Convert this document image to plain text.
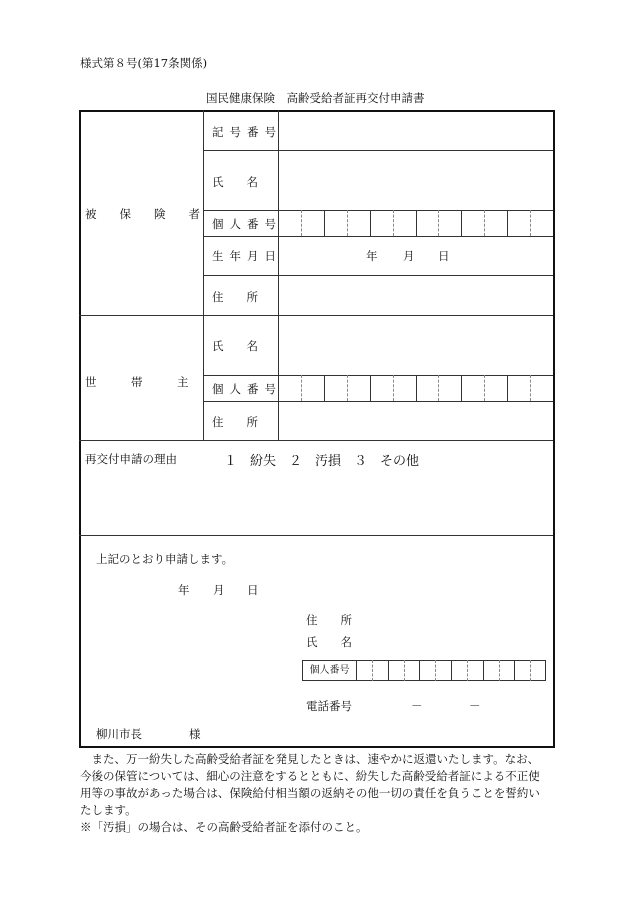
様式第８号(第17条関係)
国民健康保険　高齢受給者証再交付申請書
被　　保　　険　　者
記号番号
氏　　名
個人番号
生年月日	年 月 日
住　　所
世　　　帯　　　主
氏　　名
個人番号
住　　所
再交付申請の理由	１　紛失　２　汚損　３　その他
上記のとおり申請します。
年 月 日
住　　所
氏　　名
個人番号
電話番号	－	－
柳川市長	様
　また、万一紛失した高齢受給者証を発見したときは、速やかに返還いたします。なお、
今後の保管については、細心の注意をするとともに、紛失した高齢受給者証による不正使
用等の事故があった場合は、保険給付相当額の返納その他一切の責任を負うことを誓約い
たします。
※「汚損」の場合は、その高齢受給者証を添付のこと。
